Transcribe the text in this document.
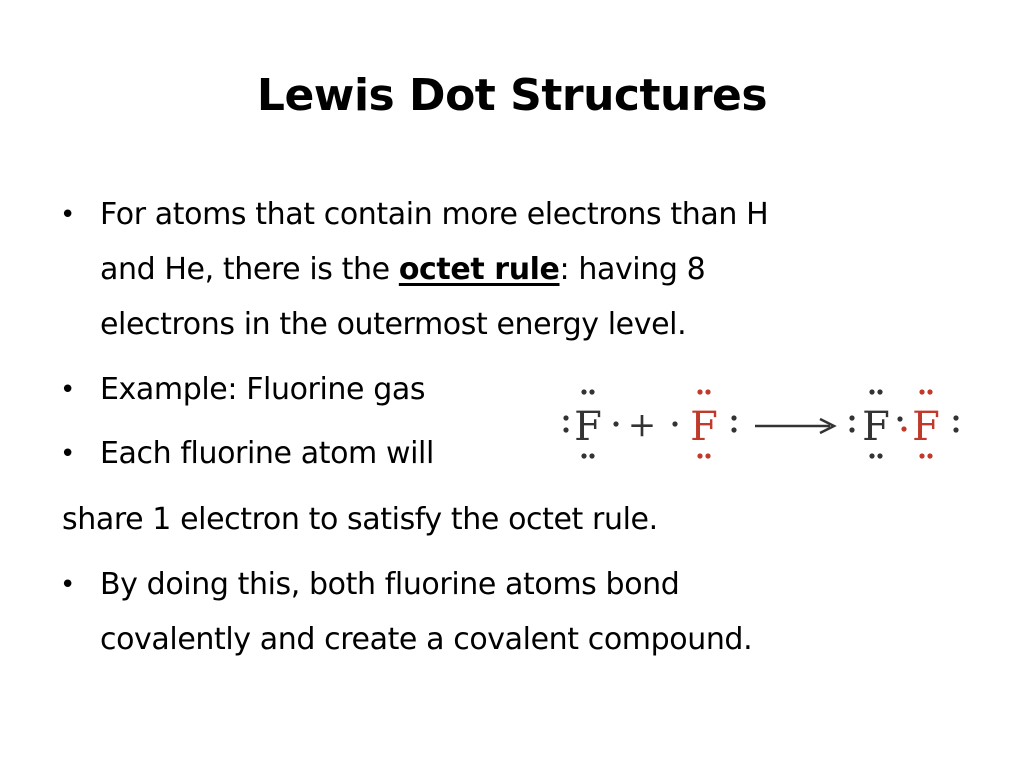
Lewis Dot Structures
• For atoms that contain more electrons than H
and He, there is the octet rule: having 8
electrons in the outermost energy level.
• Example: Fluorine gas
• Each fluorine atom will
share 1 electron to satisfy the octet rule.
• By doing this, both fluorine atoms bond
covalently and create a covalent compound.
F + F	F F
